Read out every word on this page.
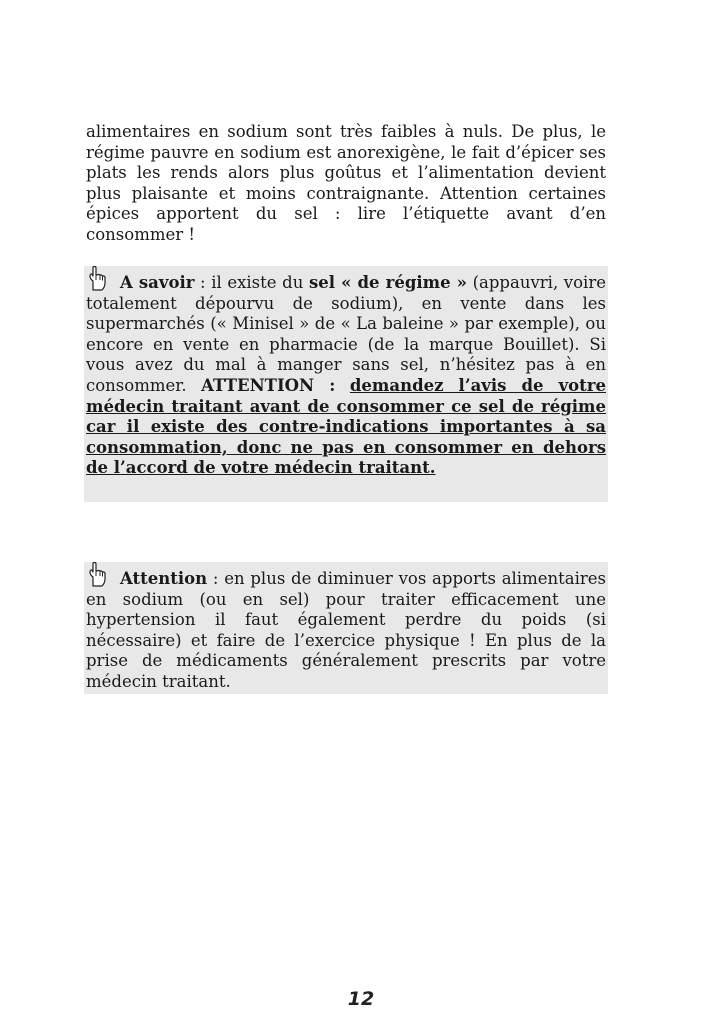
alimentaires en sodium sont très faibles à nuls. De plus, le régime pauvre en sodium est anorexigène, le fait d’épicer ses plats les rends alors plus goûtus et l’alimentation devient plus plaisante et moins contraignante. Attention certaines épices apportent du sel : lire l’étiquette avant d’en consommer !
A savoir : il existe du sel « de régime » (appauvri, voire totalement dépourvu de sodium), en vente dans les supermarchés (« Minisel » de « La baleine » par exemple), ou encore en vente en pharmacie (de la marque Bouillet). Si vous avez du mal à manger sans sel, n’hésitez pas à en consommer. ATTENTION : demandez l’avis de votre médecin traitant avant de consommer ce sel de régime car il existe des contre-indications importantes à sa consommation, donc ne pas en consommer en dehors de l’accord de votre médecin traitant.
Attention : en plus de diminuer vos apports alimentaires en sodium (ou en sel) pour traiter efficacement une hypertension il faut également perdre du poids (si nécessaire) et faire de l’exercice physique ! En plus de la prise de médicaments généralement prescrits par votre médecin traitant.
12
